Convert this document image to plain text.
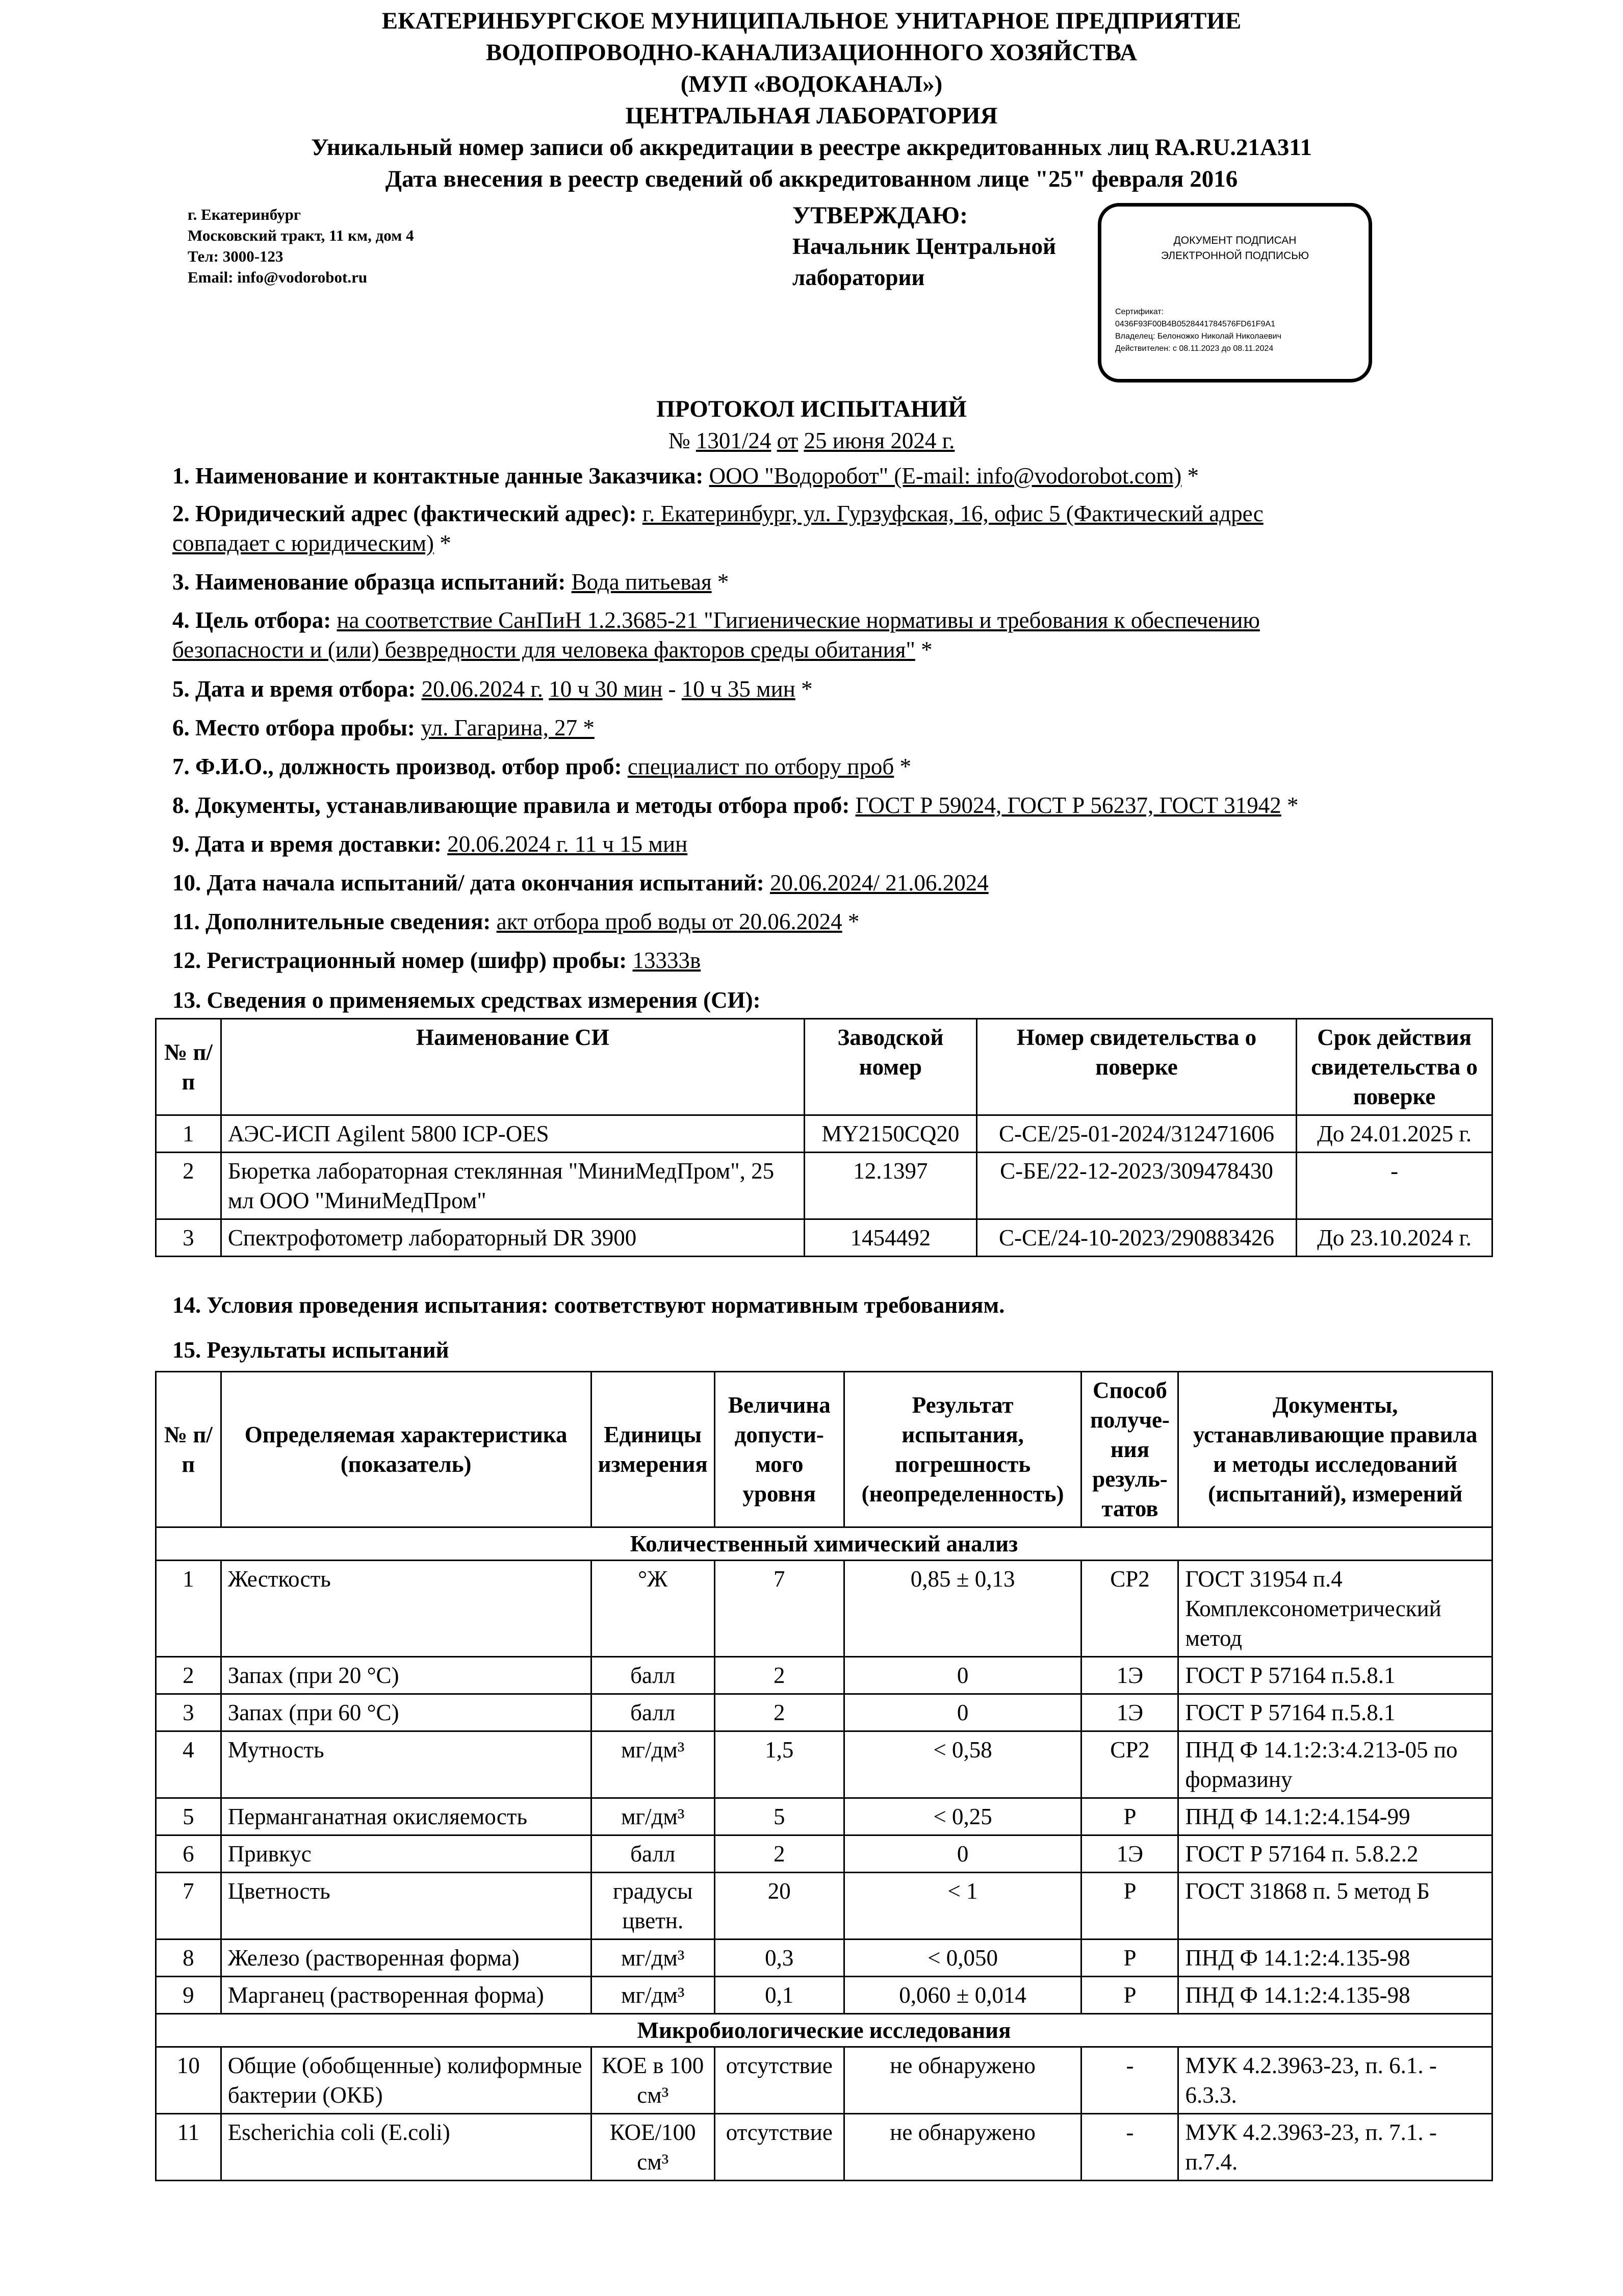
ЕКАТЕРИНБУРГСКОЕ МУНИЦИПАЛЬНОЕ УНИТАРНОЕ ПРЕДПРИЯТИЕ
ВОДОПРОВОДНО-КАНАЛИЗАЦИОННОГО ХОЗЯЙСТВА
(МУП «ВОДОКАНАЛ»)
ЦЕНТРАЛЬНАЯ ЛАБОРАТОРИЯ
Уникальный номер записи об аккредитации в реестре аккредитованных лиц RA.RU.21А311
Дата внесения в реестр сведений об аккредитованном лице "25" февраля 2016
г. Екатеринбург
Московский тракт, 11 км, дом 4
Тел: 3000-123
Email: info@vodorobot.ru
УТВЕРЖДАЮ:
Начальник Центральной
лаборатории
ДОКУМЕНТ ПОДПИСАН
ЭЛЕКТРОННОЙ ПОДПИСЬЮ
Сертификат:
0436F93F00B4B0528441784576FD61F9A1
Владелец: Белоножко Николай Николаевич
Действителен: с 08.11.2023 до 08.11.2024
ПРОТОКОЛ ИСПЫТАНИЙ
№ 1301/24 от 25 июня 2024 г.
1. Наименование и контактные данные Заказчика: ООО "Водоробот" (E-mail: info@vodorobot.com) *
2. Юридический адрес (фактический адрес): г. Екатеринбург, ул. Гурзуфская, 16, офис 5 (Фактический адрес
совпадает с юридическим) *
3. Наименование образца испытаний: Вода питьевая *
4. Цель отбора: на соответствие СанПиН 1.2.3685-21 "Гигиенические нормативы и требования к обеспечению
безопасности и (или) безвредности для человека факторов среды обитания" *
5. Дата и время отбора: 20.06.2024 г. 10 ч 30 мин - 10 ч 35 мин *
6. Место отбора пробы: ул. Гагарина, 27 *
7. Ф.И.О., должность производ. отбор проб: специалист по отбору проб *
8. Документы, устанавливающие правила и методы отбора проб: ГОСТ Р 59024, ГОСТ Р 56237, ГОСТ 31942 *
9. Дата и время доставки: 20.06.2024 г. 11 ч 15 мин
10. Дата начала испытаний/ дата окончания испытаний: 20.06.2024/ 21.06.2024
11. Дополнительные сведения: акт отбора проб воды от 20.06.2024 *
12. Регистрационный номер (шифр) пробы: 13333в
13. Сведения о применяемых средствах измерения (СИ):
№ п/п	Наименование СИ	Заводской номер	Номер свидетельства о поверке	Срок действия свидетельства о поверке
1	АЭС-ИСП Agilent 5800 ICP-OES	MY2150CQ20	С-СЕ/25-01-2024/312471606	До 24.01.2025 г.
2	Бюретка лабораторная стеклянная "МиниМедПром", 25 мл ООО "МиниМедПром"	12.1397	С-БЕ/22-12-2023/309478430	-
3	Спектрофотометр лабораторный DR 3900	1454492	С-СЕ/24-10-2023/290883426	До 23.10.2024 г.
14. Условия проведения испытания: соответствуют нормативным требованиям.
15. Результаты испытаний
№ п/п	Определяемая характеристика (показатель)	Единицы измерения	Величина допусти-мого уровня	Результат испытания, погрешность (неопределенность)	Способ получе-ния резуль-татов	Документы, устанавливающие правила и методы исследований (испытаний), измерений
Количественный химический анализ						
1	Жесткость	°Ж	7	0,85 ± 0,13	СР2	ГОСТ 31954 п.4 Комплексонометрический метод
2	Запах (при 20 °С)	балл	2	0	1Э	ГОСТ Р 57164 п.5.8.1
3	Запах (при 60 °С)	балл	2	0	1Э	ГОСТ Р 57164 п.5.8.1
4	Мутность	мг/дм³	1,5	< 0,58	СР2	ПНД Ф 14.1:2:3:4.213-05 по формазину
5	Перманганатная окисляемость	мг/дм³	5	< 0,25	Р	ПНД Ф 14.1:2:4.154-99
6	Привкус	балл	2	0	1Э	ГОСТ Р 57164 п. 5.8.2.2
7	Цветность	градусы цветн.	20	< 1	Р	ГОСТ 31868 п. 5 метод Б
8	Железо (растворенная форма)	мг/дм³	0,3	< 0,050	Р	ПНД Ф 14.1:2:4.135-98
9	Марганец (растворенная форма)	мг/дм³	0,1	0,060 ± 0,014	Р	ПНД Ф 14.1:2:4.135-98
Микробиологические исследования						
10	Общие (обобщенные) колиформные бактерии (ОКБ)	КОЕ в 100 см³	отсутствие	не обнаружено	-	МУК 4.2.3963-23, п. 6.1. - 6.3.3.
11	Escherichia coli (E.coli)	КОЕ/100 см³	отсутствие	не обнаружено	-	МУК 4.2.3963-23, п. 7.1. - п.7.4.
